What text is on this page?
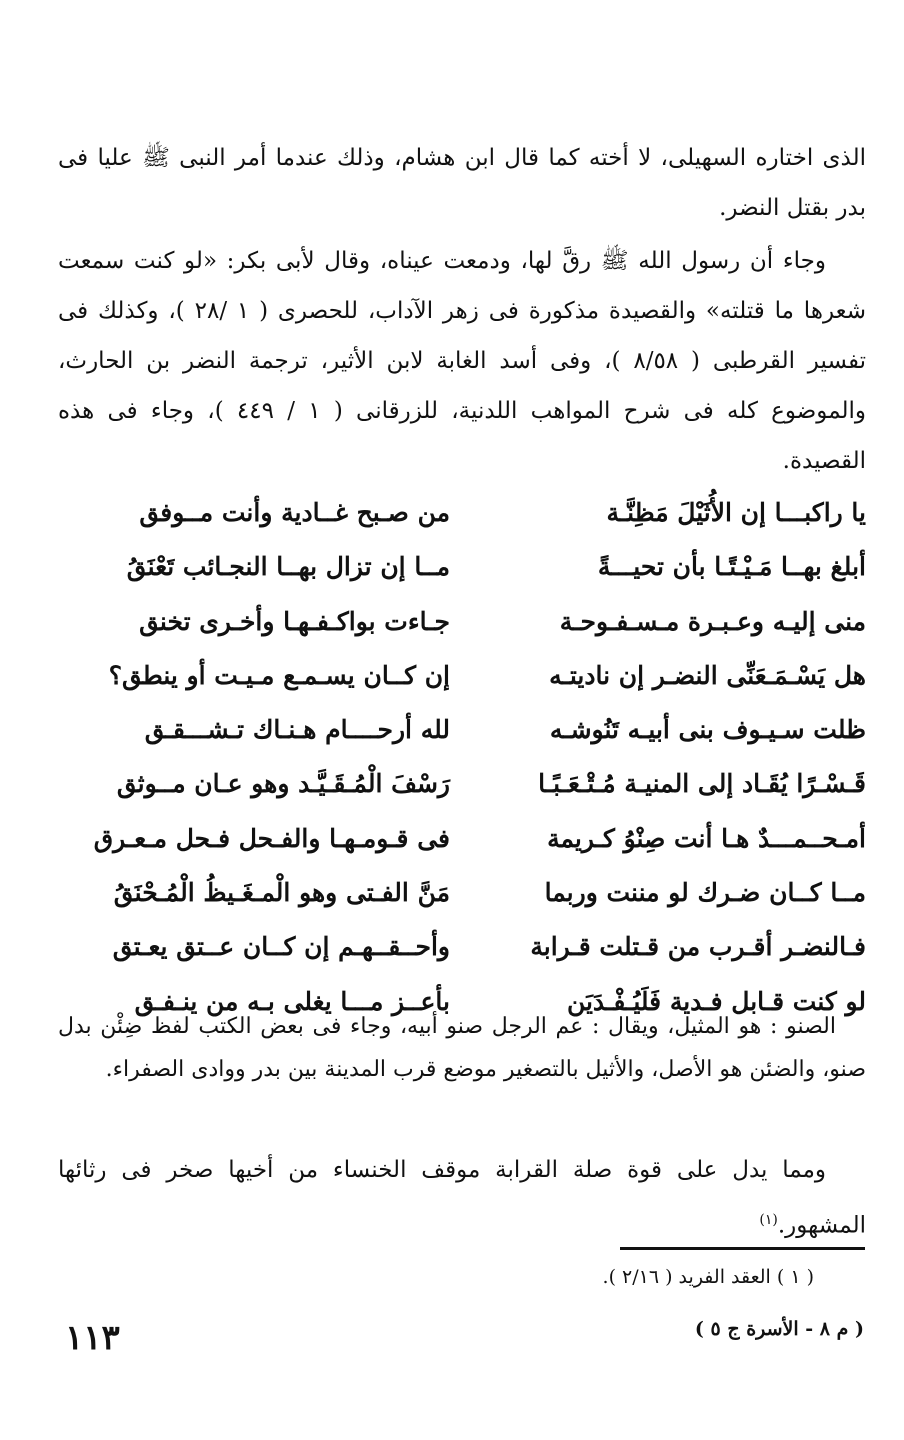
الذى اختاره السهيلى، لا أخته كما قال ابن هشام، وذلك عندما أمر النبى ﷺ عليا فى بدر بقتل النضر.

وجاء أن رسول الله ﷺ رقَّ لها، ودمعت عيناه، وقال لأبى بكر: «لو كنت سمعت شعرها ما قتلته» والقصيدة مذكورة فى زهر الآداب، للحصرى ( ١ /٢٨ )، وكذلك فى تفسير القرطبى ( ٨/٥٨ )، وفى أسد الغابة لابن الأثير، ترجمة النضر بن الحارث، والموضوع كله فى شرح المواهب اللدنية، للزرقانى ( ١ / ٤٤٩ )، وجاء فى هذه القصيدة.

يا راكبـــا إن الأُثَيْلَ مَظِنَّـة
من صـبح غــادية وأنت مــوفق
أبلغ بهــا مَـيْـتًـا بأن تحيـــةً
مــا إن تزال بهــا النجـائب تَعْنَقُ
منى إليـه وعـبـرة مـسـفـوحـة
جـاءت بواكـفـهـا وأخـرى تخنق
هل يَسْـمَـعَنِّى النضـر إن ناديتـه
إن كــان يسـمـع مـيـت أو ينطق؟
ظلت سـيـوف بنى أبيـه تَنُوشـه
لله أرحــــام هـنـاك تـشـــقـق
قَـسْـرًا يُقَـاد إلى المنيـة مُـتْـعَـبًـا
رَسْفَ الْمُـقَـيَّـد وهو عـان مــوثق
أمـحــمـــدٌ هـا أنت صِنْوُ كـريمة
فى قـومـهـا والفـحل فـحل مـعـرق
مــا كــان ضـرك لو مننت وربما
مَنَّ الفـتى وهو الْمـغَـيظُ الْمُـحْنَقُ
فـالنضـر أقـرب من قـتلت قـرابة
وأحــقــهـم إن كــان عــتق يعـتق
لو كنت قـابل فـدية فَلَيُـفْـدَيَن
بأعــز مـــا يغلى بـه من ينـفـق

الصنو : هو المثيل، ويقال : عم الرجل صنو أبيه، وجاء فى بعض الكتب لفظ ضِئْن بدل صنو، والضئن هو الأصل، والأثيل بالتصغير موضع قرب المدينة بين بدر ووادى الصفراء.

ومما يدل على قوة صلة القرابة موقف الخنساء من أخيها صخر فى رثائها المشهور.$^{(١)}$

( ١ ) العقد الفريد ( ٢/١٦ ).
١١٣	( م ٨ - الأسرة ج ٥ )
